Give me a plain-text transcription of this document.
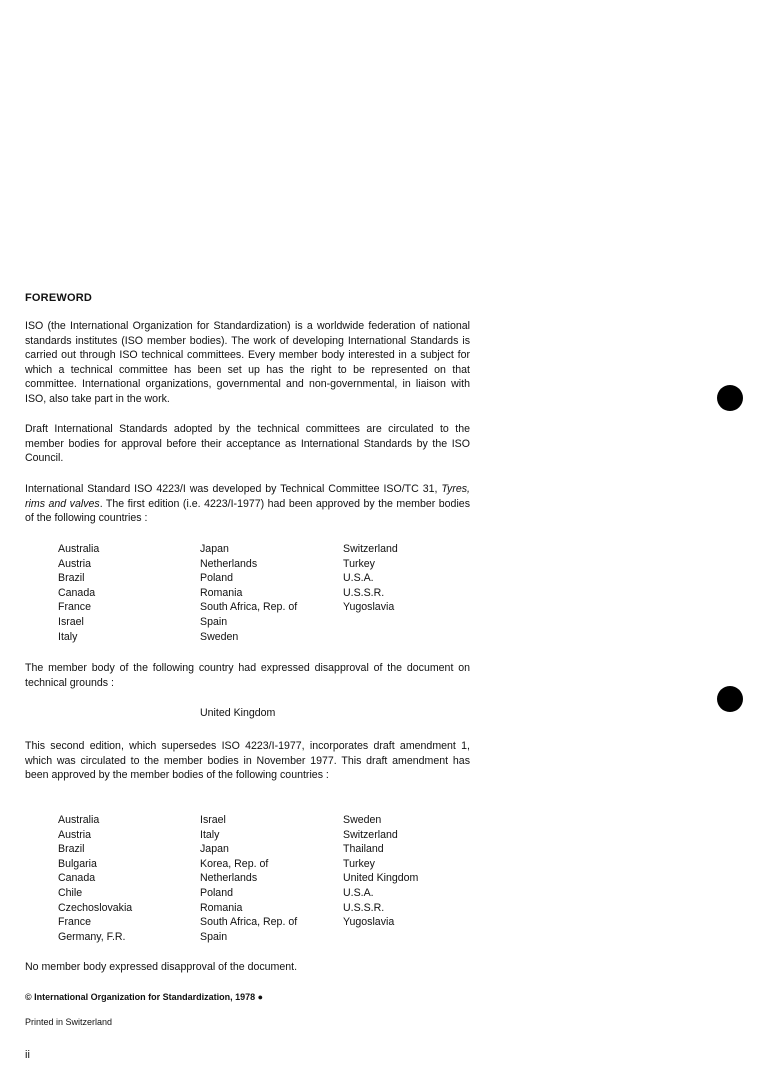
FOREWORD
ISO (the International Organization for Standardization) is a worldwide federation of national standards institutes (ISO member bodies). The work of developing International Standards is carried out through ISO technical committees. Every member body interested in a subject for which a technical committee has been set up has the right to be represented on that committee. International organizations, governmental and non-governmental, in liaison with ISO, also take part in the work.
Draft International Standards adopted by the technical committees are circulated to the member bodies for approval before their acceptance as International Standards by the ISO Council.
International Standard ISO 4223/I was developed by Technical Committee ISO/TC 31, Tyres, rims and valves. The first edition (i.e. 4223/I-1977) had been approved by the member bodies of the following countries :
Australia
Austria
Brazil
Canada
France
Israel
Italy
Japan
Netherlands
Poland
Romania
South Africa, Rep. of
Spain
Sweden
Switzerland
Turkey
U.S.A.
U.S.S.R.
Yugoslavia
The member body of the following country had expressed disapproval of the document on technical grounds :
United Kingdom
This second edition, which supersedes ISO 4223/I-1977, incorporates draft amendment 1, which was circulated to the member bodies in November 1977. This draft amendment has been approved by the member bodies of the following countries :
Australia
Austria
Brazil
Bulgaria
Canada
Chile
Czechoslovakia
France
Germany, F.R.
Israel
Italy
Japan
Korea, Rep. of
Netherlands
Poland
Romania
South Africa, Rep. of
Spain
Sweden
Switzerland
Thailand
Turkey
United Kingdom
U.S.A.
U.S.S.R.
Yugoslavia
No member body expressed disapproval of the document.
© International Organization for Standardization, 1978 ●
Printed in Switzerland
ii
